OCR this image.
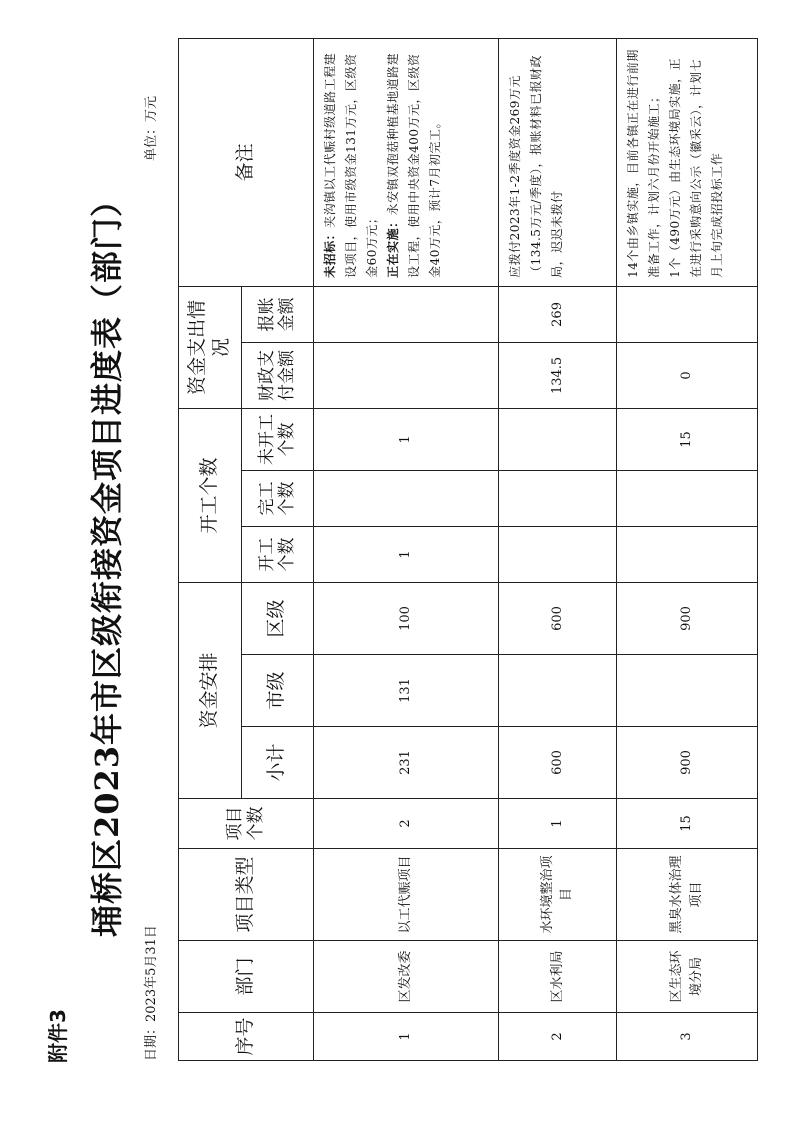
附件3
埇桥区2023年市区级衔接资金项目进度表（部门）
日期：2023年5月31日
单位：万元
序号	部门	项目类型	项目个数	资金安排			开工个数			资金支出情况		备注
				小计	市级	区级	开工个数	完工个数	未开工个数	财政支付金额	报账金额	
1	区发改委	以工代赈项目	2	231	131	100	1		1			未招标：夹沟镇以工代赈村级道路工程建设项目，使用市级资金131万元，区级资金60万元； 正在实施：永安镇双孢菇种植基地道路建设工程，使用中央资金400万元，区级资金40万元，预计7月初完工。

2	区水利局	水环境整治项目	1	600		600				134.5	269	应拨付2023年1-2季度资金269万元（134.5万元/季度），报账材料已报财政局，迟迟未拨付

3	区生态环境分局	黑臭水体治理项目	15	900		900			15	0		14个由乡镇实施，目前各镇正在进行前期准备工作，计划六月份开始施工； 1个（490万元）由生态环境局实施，正在进行采购意向公示（徽采云），计划七月上旬完成招投标工作
